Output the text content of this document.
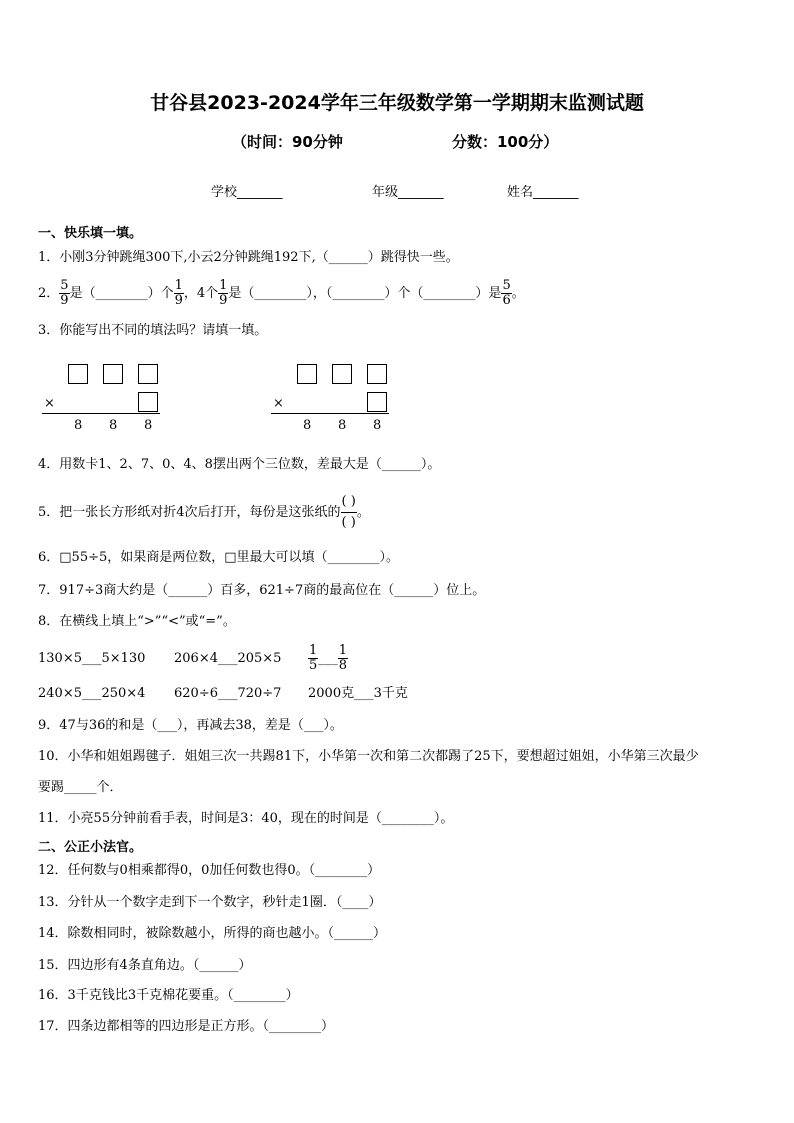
甘谷县2023-2024学年三年级数学第一学期期末监测试题
（时间：90分钟	分数：100分）
学校_______	年级_______	姓名_______
一、快乐填一填。
1．小刚3分钟跳绳300下,小云2分钟跳绳192下,（______）跳得快一些。
2． $\frac{5}{9}$ 是（________）个 $\frac{1}{9}$ ，4个 $\frac{1}{9}$ 是（________），（________）个（________）是 $\frac{5}{6}$ 。
3．你能写出不同的填法吗？请填一填。
×
8 8 8
×
8 8 8
4．用数卡1、2、7、0、4、8摆出两个三位数，差最大是（______）。
5．把一张长方形纸对折4次后打开，每份是这张纸的 $\frac{( )}{( )}$ 。
6．□55÷5，如果商是两位数，□里最大可以填（________）。
7．917÷3商大约是（______）百多，621÷7商的最高位在（______）位上。
8．在横线上填上“>”“<”或“=”。
130×5___5×130 206×4___205×5 $\frac{1}{5}$ ___ $\frac{1}{8}$
240×5___250×4 620÷6___720÷7 2000克___3千克
9．47与36的和是（___），再减去38，差是（___）。
10．小华和姐姐踢毽子．姐姐三次一共踢81下，小华第一次和第二次都踢了25下，要想超过姐姐，小华第三次最少
要踢_____个．
11．小亮55分钟前看手表，时间是3：40，现在的时间是（________）。
二、公正小法官。
12．任何数与0相乘都得0，0加任何数也得0。（________）
13．分针从一个数字走到下一个数字，秒针走1圈．（____）
14．除数相同时，被除数越小，所得的商也越小。（______）
15．四边形有4条直角边。（______）
16．3千克钱比3千克棉花要重。（________）
17．四条边都相等的四边形是正方形。（________）
